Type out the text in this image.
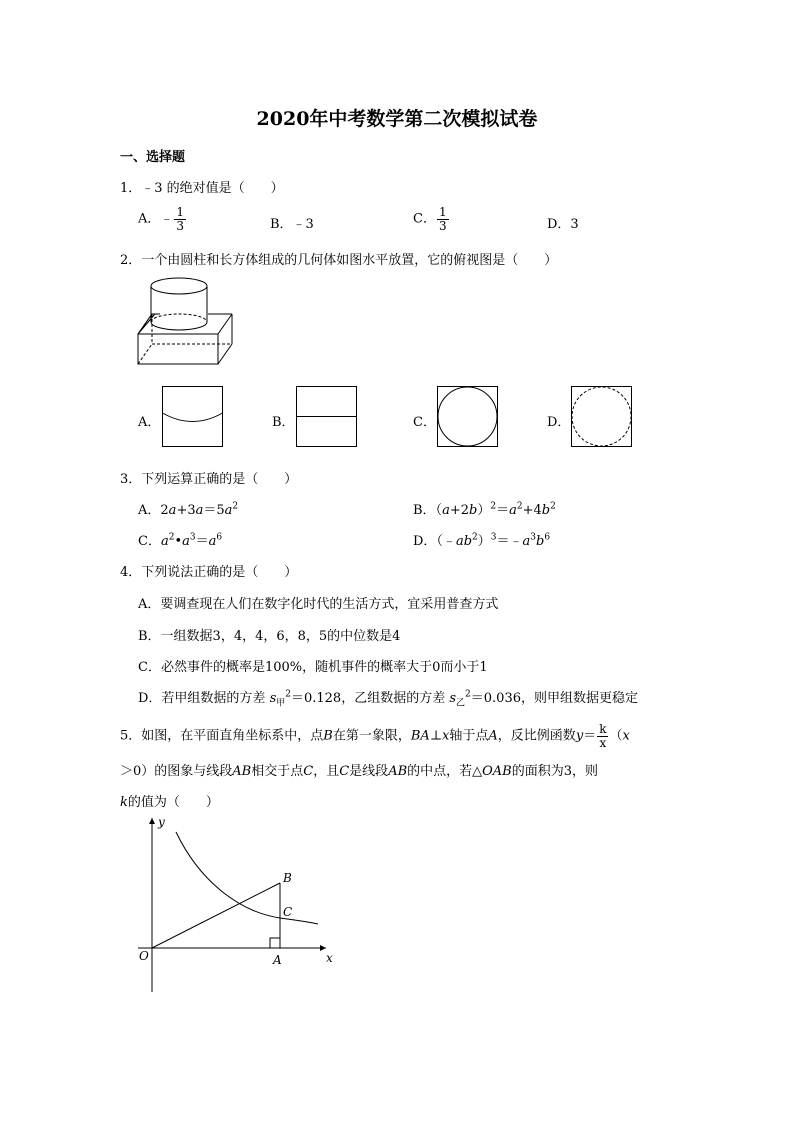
2020年中考数学第二次模拟试卷
一、选择题
1．﹣3 的绝对值是（　　）
A．﹣ $\frac{1}{3}$	B．﹣3	C． $\frac{1}{3}$	D．3
2．一个由圆柱和长方体组成的几何体如图水平放置，它的俯视图是（　　）
A．	B．	C．	D．
3．下列运算正确的是（　　）
A．$2a+3a=5a^2$	B．$(a+2b)^2=a^2+4b^2$
C．$a^2•a^3=a^6$	D．$(﹣ab^2)^3=﹣a^3b^6$
4．下列说法正确的是（　　）
A．要调查现在人们在数字化时代的生活方式，宜采用普查方式
B．一组数据3，4，4，6，8，5的中位数是4
C．必然事件的概率是100%，随机事件的概率大于0而小于1
D．若甲组数据的方差 $s_甲^2=0.128$，乙组数据的方差 $s_乙^2=0.036$，则甲组数据更稳定
5．如图，在平面直角坐标系中，点B在第一象限，BA⊥x轴于点A，反比例函数$y= \frac{k}{x} (x$
＞0）的图象与线段AB相交于点C，且C是线段AB的中点，若△OAB的面积为3，则
k的值为（　　）
y
x
O	A
B
C
